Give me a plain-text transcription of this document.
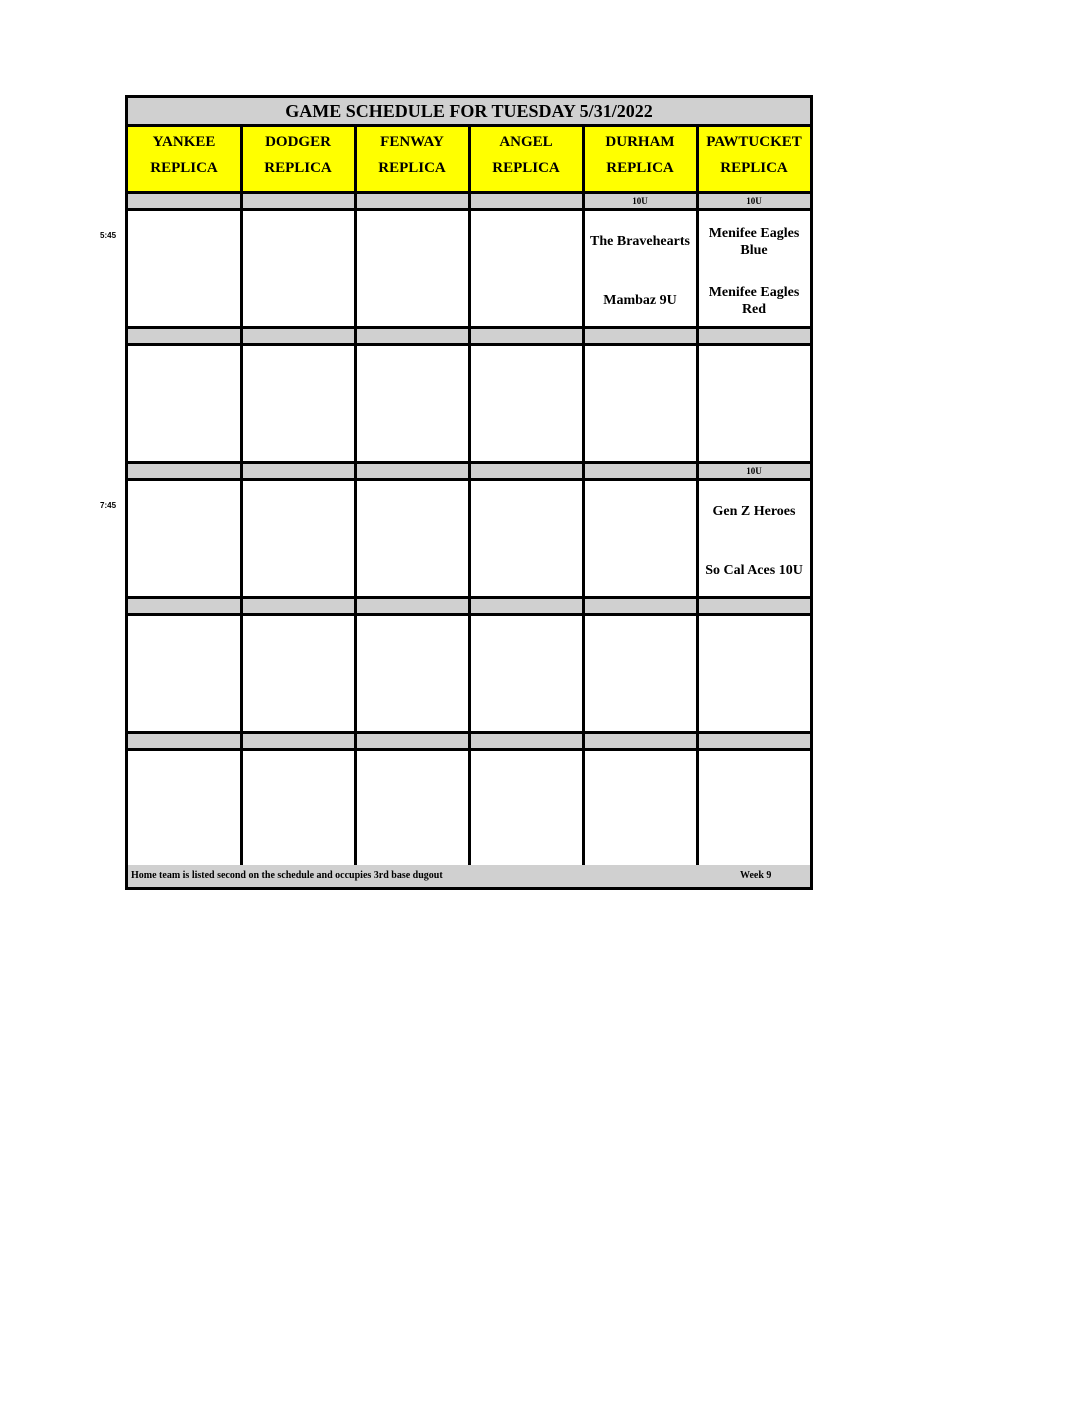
GAME SCHEDULE FOR TUESDAY 5/31/2022
YANKEE
REPLICA
DODGER
REPLICA
FENWAY
REPLICA
ANGEL
REPLICA
DURHAM
REPLICA
PAWTUCKET
REPLICA
10U
The Bravehearts
Mambaz 9U
10U
Menifee Eagles Blue
Menifee Eagles Red
10U
Gen Z Heroes
So Cal Aces 10U
Home team is listed second on the schedule and occupies 3rd base dugout	Week 9
5:45
7:45
